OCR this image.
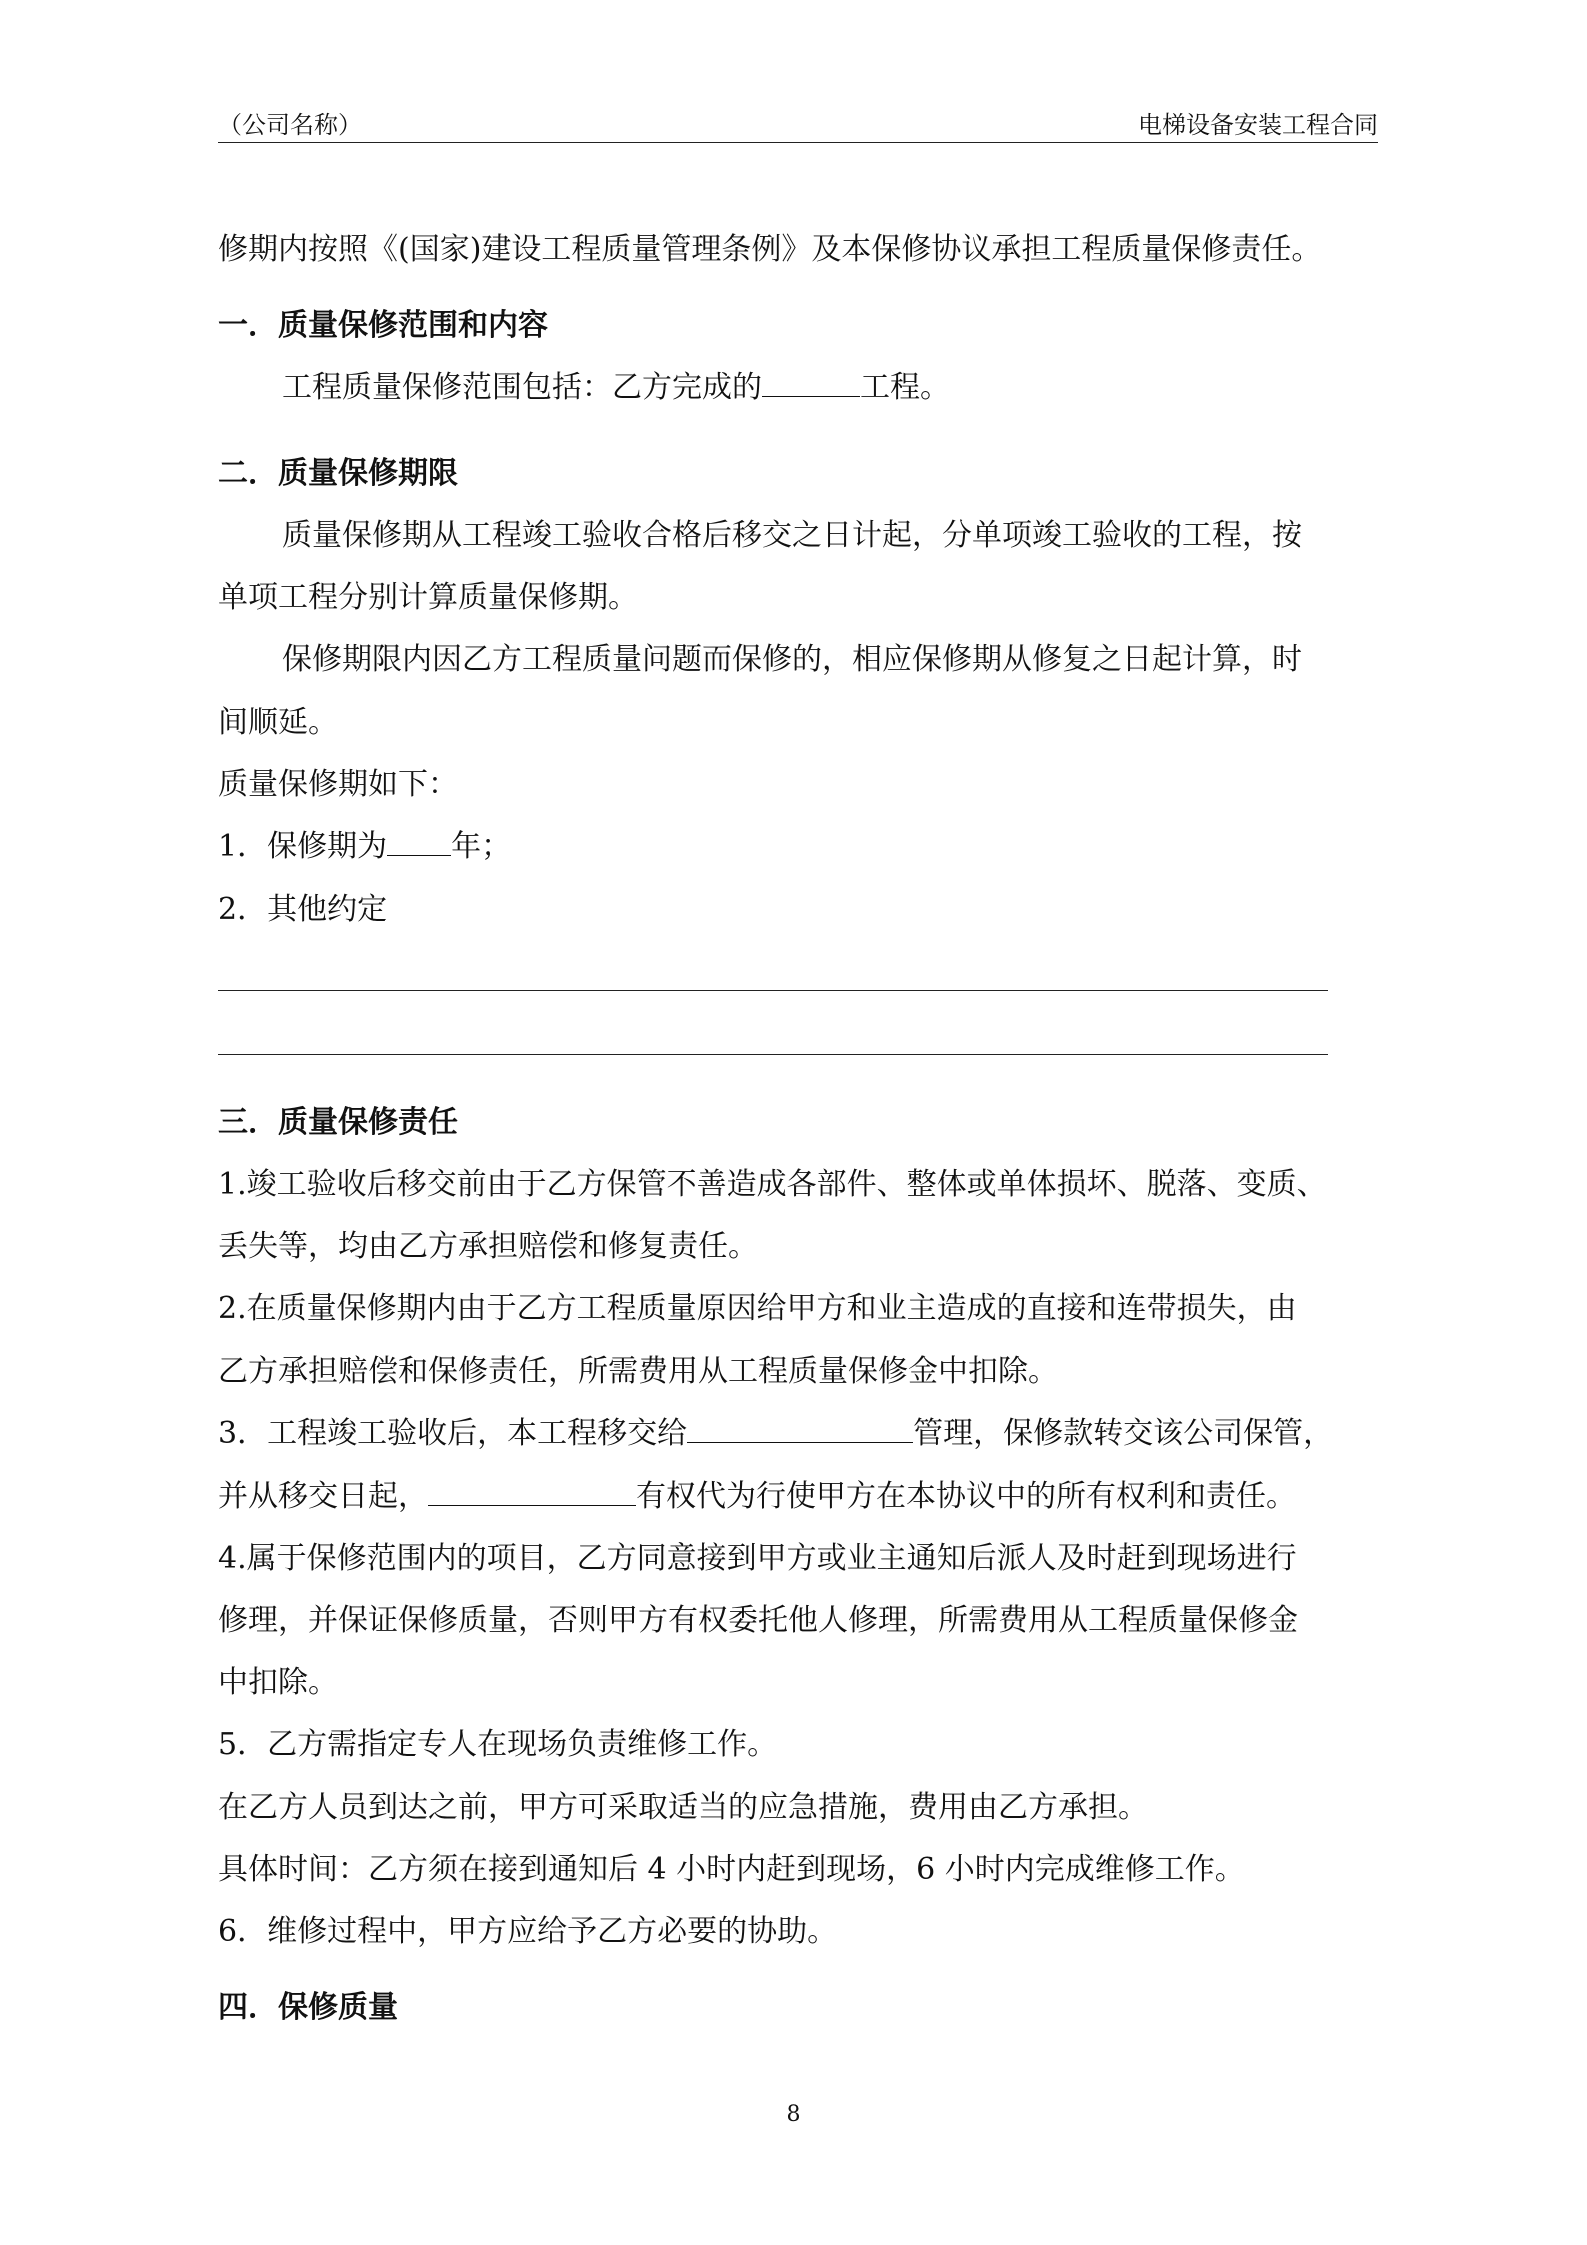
（公司名称）	电梯设备安装工程合同
修期内按照《(国家)建设工程质量管理条例》及本保修协议承担工程质量保修责任。
一．质量保修范围和内容
工程质量保修范围包括：乙方完成的	工程。
二．质量保修期限
质量保修期从工程竣工验收合格后移交之日计起，分单项竣工验收的工程，按
单项工程分别计算质量保修期。
保修期限内因乙方工程质量问题而保修的，相应保修期从修复之日起计算，时
间顺延。
质量保修期如下：
1．保修期为 年；
2．其他约定
三．质量保修责任
1.竣工验收后移交前由于乙方保管不善造成各部件、整体或单体损坏、脱落、变质、
丢失等，均由乙方承担赔偿和修复责任。
2.在质量保修期内由于乙方工程质量原因给甲方和业主造成的直接和连带损失，由
乙方承担赔偿和保修责任，所需费用从工程质量保修金中扣除。
3．工程竣工验收后，本工程移交给	管理，保修款转交该公司保管，
并从移交日起，	有权代为行使甲方在本协议中的所有权利和责任。
4.属于保修范围内的项目，乙方同意接到甲方或业主通知后派人及时赶到现场进行
修理，并保证保修质量，否则甲方有权委托他人修理，所需费用从工程质量保修金
中扣除。
5．乙方需指定专人在现场负责维修工作。
在乙方人员到达之前，甲方可采取适当的应急措施，费用由乙方承担。
具体时间：乙方须在接到通知后 4 小时内赶到现场，6 小时内完成维修工作。
6．维修过程中，甲方应给予乙方必要的协助。
四．保修质量
8
